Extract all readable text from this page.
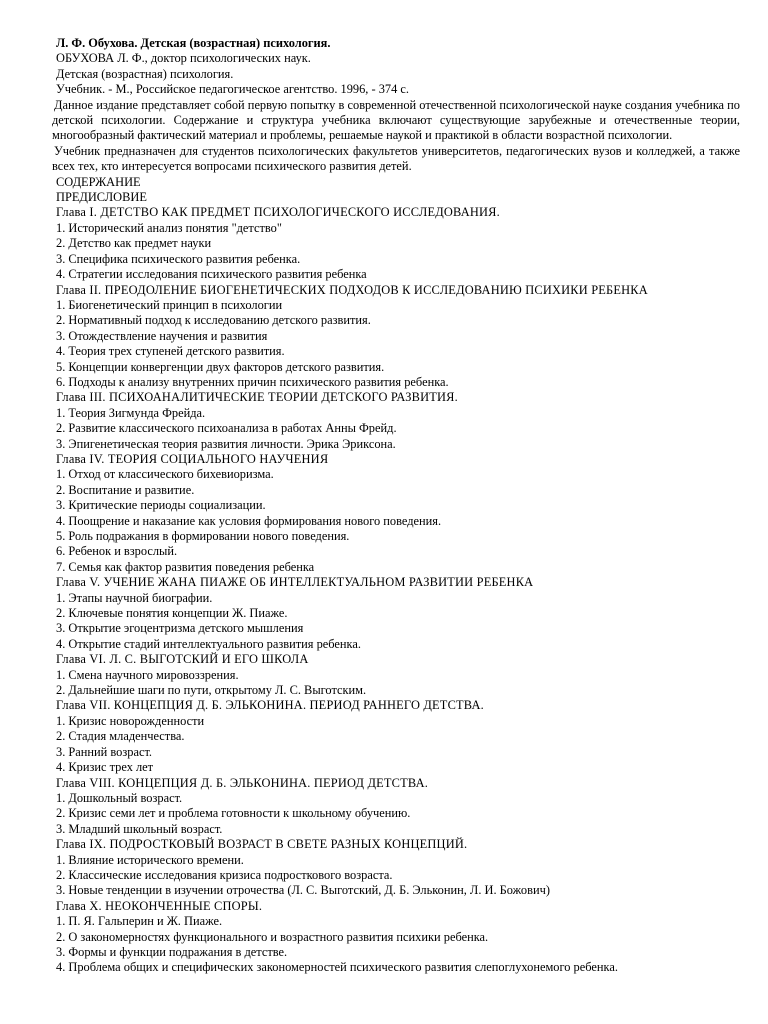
Л. Ф. Обухова. Детская (возрастная) психология.

ОБУХОВА Л. Ф., доктор психологических наук.

Детская (возрастная) психология.

Учебник. - М., Российское педагогическое агентство. 1996, - 374 с.

Данное издание представляет собой первую попытку в современной отечественной психологической науке создания учебника по детской психологии. Содержание и структура учебника включают существующие зарубежные и отечественные теории, многообразный фактический материал и проблемы, решаемые наукой и практикой в области возрастной психологии.

Учебник предназначен для студентов психологических факультетов университетов, педагогических вузов и колледжей, а также всех тех, кто интересуется вопросами психического развития детей.

СОДЕРЖАНИЕ

ПРЕДИСЛОВИЕ

Глава I. ДЕТСТВО КАК ПРЕДМЕТ ПСИХОЛОГИЧЕСКОГО ИССЛЕДОВАНИЯ.

1. Исторический анализ понятия "детство"

2. Детство как предмет науки

3. Специфика психического развития ребенка.

4. Стратегии исследования психического развития ребенка

Глава II. ПРЕОДОЛЕНИЕ БИОГЕНЕТИЧЕСКИХ ПОДХОДОВ К ИССЛЕДОВАНИЮ ПСИХИКИ РЕБЕНКА

1. Биогенетический принцип в психологии

2. Нормативный подход к исследованию детского развития.

3. Отождествление научения и развития

4. Теория трех ступеней детского развития.

5. Концепции конвергенции двух факторов детского развития.

6. Подходы к анализу внутренних причин психического развития ребенка.

Глава III. ПСИХОАНАЛИТИЧЕСКИЕ ТЕОРИИ ДЕТСКОГО РАЗВИТИЯ.

1. Теория Зигмунда Фрейда.

2. Развитие классического психоанализа в работах Анны Фрейд.

3. Эпигенетическая теория развития личности. Эрика Эриксона.

Глава IV. ТЕОРИЯ СОЦИАЛЬНОГО НАУЧЕНИЯ

1. Отход от классического бихевиоризма.

2. Воспитание и развитие.

3. Критические периоды социализации.

4. Поощрение и наказание как условия формирования нового поведения.

5. Роль подражания в формировании нового поведения.

6. Ребенок и взрослый.

7. Семья как фактор развития поведения ребенка

Глава V. УЧЕНИЕ ЖАНА ПИАЖЕ ОБ ИНТЕЛЛЕКТУАЛЬНОМ РАЗВИТИИ РЕБЕНКА

1. Этапы научной биографии.

2. Ключевые понятия концепции Ж. Пиаже.

3. Открытие эгоцентризма детского мышления

4. Открытие стадий интеллектуального развития ребенка.

Глава VI. Л. С. ВЫГОТСКИЙ И ЕГО ШКОЛА

1. Смена научного мировоззрения.

2. Дальнейшие шаги по пути, открытому Л. С. Выготским.

Глава VII. КОНЦЕПЦИЯ Д. Б. ЭЛЬКОНИНА. ПЕРИОД РАННЕГО ДЕТСТВА.

1. Кризис новорожденности

2. Стадия младенчества.

3. Ранний возраст.

4. Кризис трех лет

Глава VIII. КОНЦЕПЦИЯ Д. Б. ЭЛЬКОНИНА. ПЕРИОД ДЕТСТВА.

1. Дошкольный возраст.

2. Кризис семи лет и проблема готовности к школьному обучению.

3. Младший школьный возраст.

Глава IX. ПОДРОСТКОВЫЙ ВОЗРАСТ В СВЕТЕ РАЗНЫХ КОНЦЕПЦИЙ.

1. Влияние исторического времени.

2. Классические исследования кризиса подросткового возраста.

3. Новые тенденции в изучении отрочества (Л. С. Выготский, Д. Б. Эльконин, Л. И. Божович)

Глава X. НЕОКОНЧЕННЫЕ СПОРЫ.

1. П. Я. Гальперин и Ж. Пиаже.

2. О закономерностях функционального и возрастного развития психики ребенка.

3. Формы и функции подражания в детстве.

4. Проблема общих и специфических закономерностей психического развития слепоглухонемого ребенка.
